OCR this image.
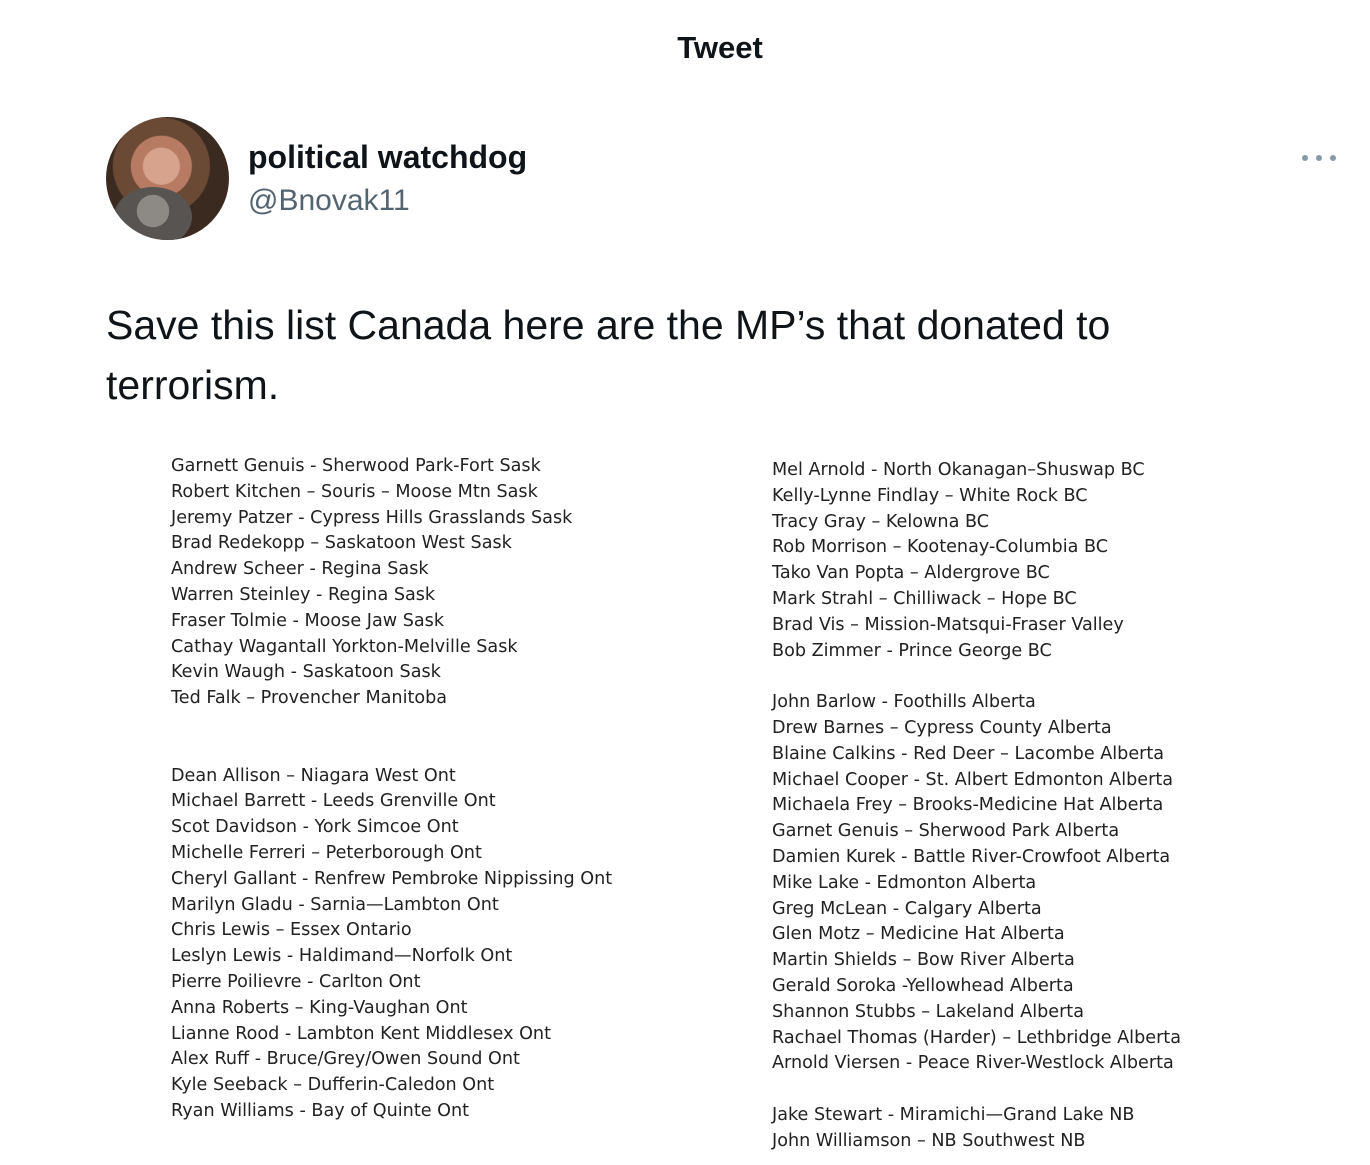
Tweet
political watchdog
@Bnovak11
Save this list Canada here are the MP’s that donated to terrorism.
Garnett Genuis - Sherwood Park-Fort Sask
Robert Kitchen – Souris – Moose Mtn Sask
Jeremy Patzer - Cypress Hills Grasslands Sask
Brad Redekopp – Saskatoon West Sask
Andrew Scheer - Regina Sask
Warren Steinley - Regina Sask
Fraser Tolmie - Moose Jaw Sask
Cathay Wagantall Yorkton-Melville Sask
Kevin Waugh - Saskatoon Sask
Ted Falk – Provencher Manitoba
Dean Allison – Niagara West Ont
Michael Barrett - Leeds Grenville Ont
Scot Davidson - York Simcoe Ont
Michelle Ferreri – Peterborough Ont
Cheryl Gallant - Renfrew Pembroke Nippissing Ont
Marilyn Gladu - Sarnia—Lambton Ont
Chris Lewis – Essex Ontario
Leslyn Lewis - Haldimand—Norfolk Ont
Pierre Poilievre - Carlton Ont
Anna Roberts – King-Vaughan Ont
Lianne Rood - Lambton Kent Middlesex Ont
Alex Ruff - Bruce/Grey/Owen Sound Ont
Kyle Seeback – Dufferin-Caledon Ont
Ryan Williams - Bay of Quinte Ont
Mel Arnold - North Okanagan–Shuswap BC
Kelly-Lynne Findlay – White Rock BC
Tracy Gray – Kelowna BC
Rob Morrison – Kootenay-Columbia BC
Tako Van Popta – Aldergrove BC
Mark Strahl – Chilliwack – Hope BC
Brad Vis – Mission-Matsqui-Fraser Valley
Bob Zimmer - Prince George BC
John Barlow - Foothills Alberta
Drew Barnes – Cypress County Alberta
Blaine Calkins - Red Deer – Lacombe Alberta
Michael Cooper - St. Albert Edmonton Alberta
Michaela Frey – Brooks-Medicine Hat Alberta
Garnet Genuis – Sherwood Park Alberta
Damien Kurek - Battle River-Crowfoot Alberta
Mike Lake - Edmonton Alberta
Greg McLean - Calgary Alberta
Glen Motz – Medicine Hat Alberta
Martin Shields – Bow River Alberta
Gerald Soroka -Yellowhead Alberta
Shannon Stubbs – Lakeland Alberta
Rachael Thomas (Harder) – Lethbridge Alberta
Arnold Viersen - Peace River-Westlock Alberta
Jake Stewart - Miramichi—Grand Lake NB
John Williamson – NB Southwest NB
